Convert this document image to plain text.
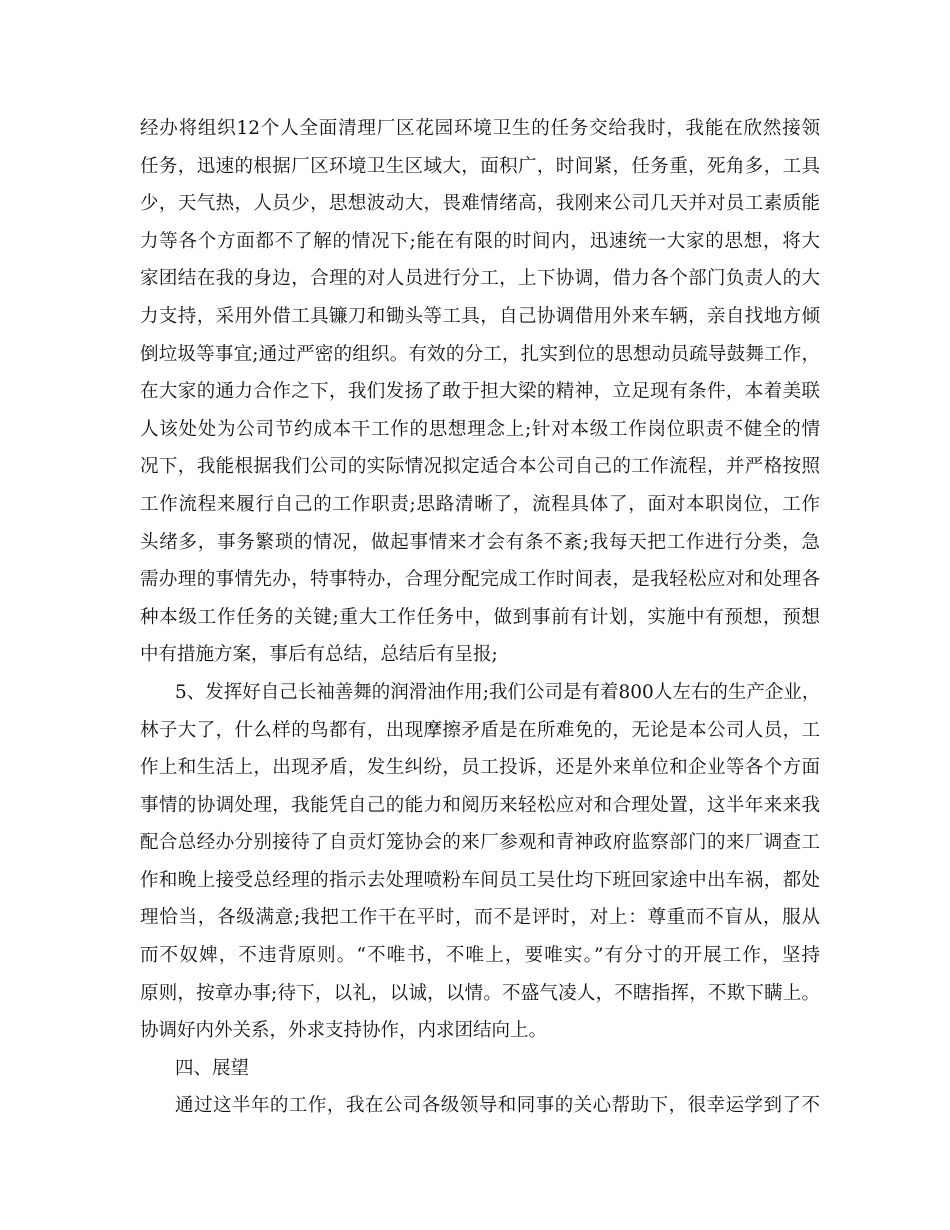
经办将组织12个人全面清理厂区花园环境卫生的任务交给我时，我能在欣然接领
任务，迅速的根据厂区环境卫生区域大，面积广，时间紧，任务重，死角多，工具
少，天气热，人员少，思想波动大，畏难情绪高，我刚来公司几天并对员工素质能
力等各个方面都不了解的情况下;能在有限的时间内，迅速统一大家的思想，将大
家团结在我的身边，合理的对人员进行分工，上下协调，借力各个部门负责人的大
力支持，采用外借工具镰刀和锄头等工具，自己协调借用外来车辆，亲自找地方倾
倒垃圾等事宜;通过严密的组织。有效的分工，扎实到位的思想动员疏导鼓舞工作，
在大家的通力合作之下，我们发扬了敢于担大梁的精神，立足现有条件，本着美联
人该处处为公司节约成本干工作的思想理念上;针对本级工作岗位职责不健全的情
况下，我能根据我们公司的实际情况拟定适合本公司自己的工作流程，并严格按照
工作流程来履行自己的工作职责;思路清晰了，流程具体了，面对本职岗位，工作
头绪多，事务繁琐的情况，做起事情来才会有条不紊;我每天把工作进行分类，急
需办理的事情先办，特事特办，合理分配完成工作时间表，是我轻松应对和处理各
种本级工作任务的关键;重大工作任务中，做到事前有计划，实施中有预想，预想
中有措施方案，事后有总结，总结后有呈报;
5、发挥好自己长袖善舞的润滑油作用;我们公司是有着800人左右的生产企业，
林子大了，什么样的鸟都有，出现摩擦矛盾是在所难免的，无论是本公司人员，工
作上和生活上，出现矛盾，发生纠纷，员工投诉，还是外来单位和企业等各个方面
事情的协调处理，我能凭自己的能力和阅历来轻松应对和合理处置，这半年来来我
配合总经办分别接待了自贡灯笼协会的来厂参观和青神政府监察部门的来厂调查工
作和晚上接受总经理的指示去处理喷粉车间员工吴仕均下班回家途中出车祸，都处
理恰当，各级满意;我把工作干在平时，而不是评时，对上：尊重而不盲从，服从
而不奴婢，不违背原则。“不唯书，不唯上，要唯实。”有分寸的开展工作，坚持
原则，按章办事;待下，以礼，以诚，以情。不盛气凌人，不瞎指挥，不欺下瞒上。
协调好内外关系，外求支持协作，内求团结向上。
四、展望
通过这半年的工作，我在公司各级领导和同事的关心帮助下，很幸运学到了不
